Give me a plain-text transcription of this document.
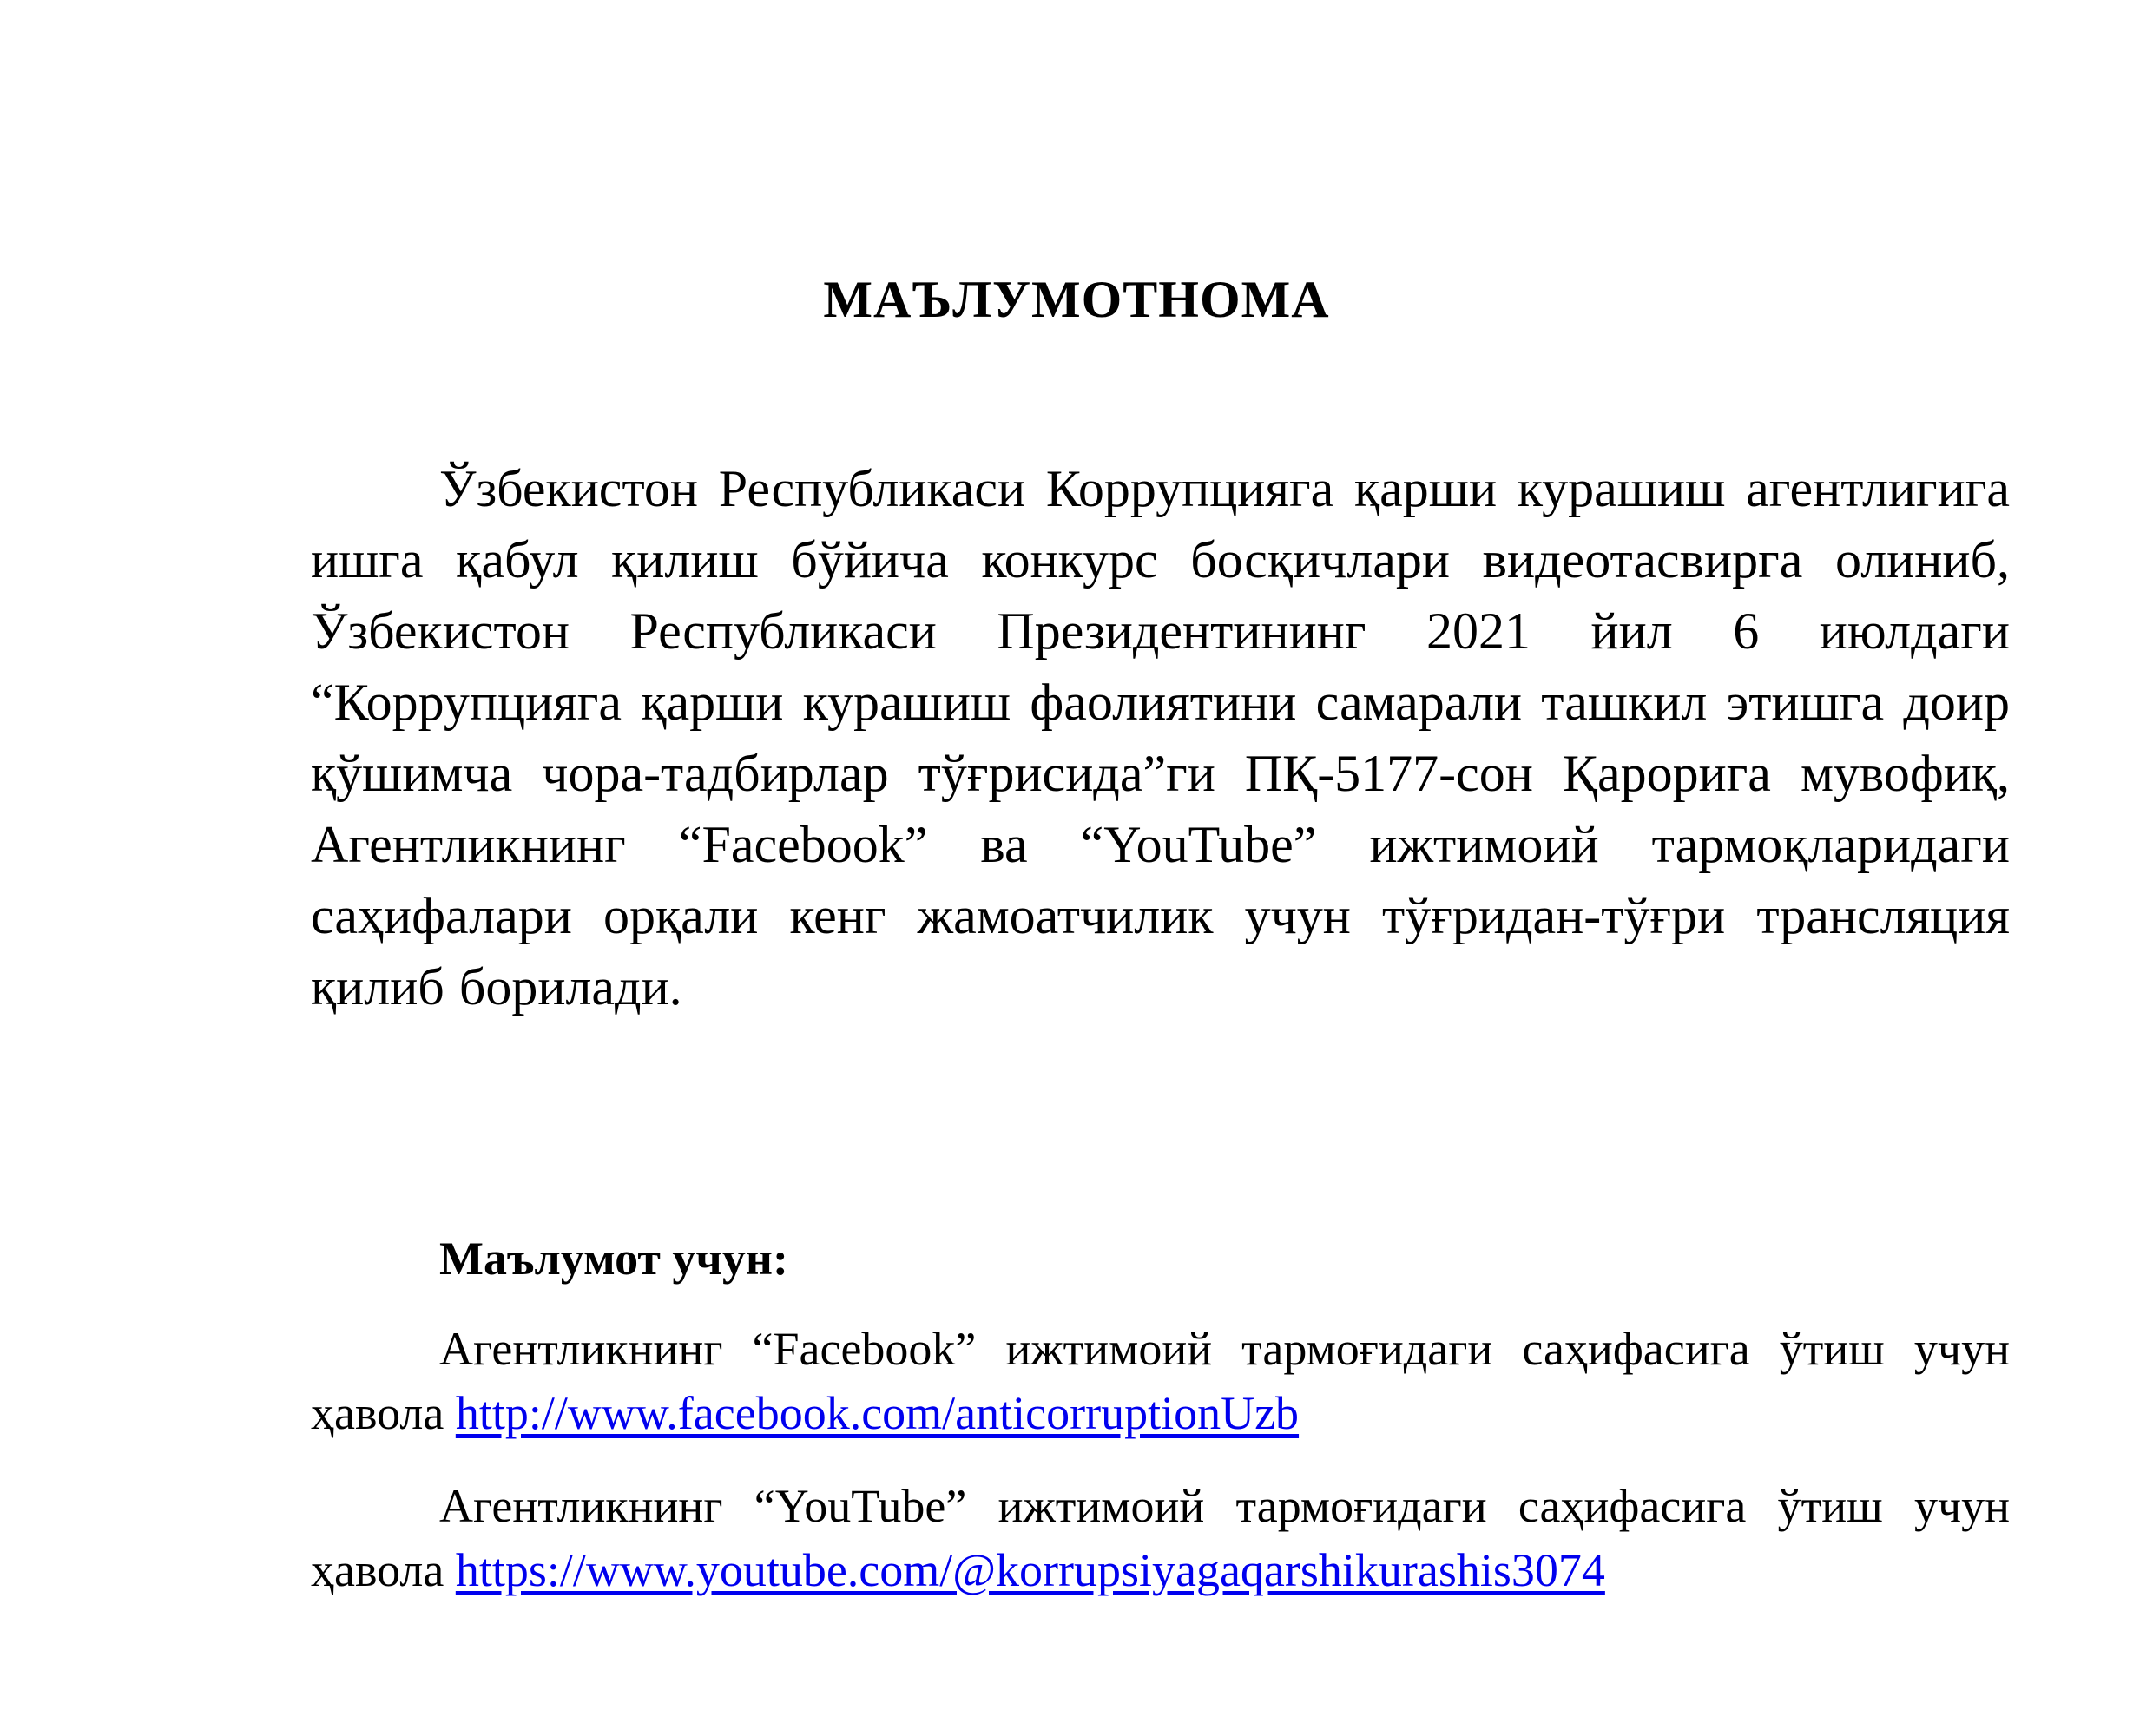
МАЪЛУМОТНОМА

Ўзбекистон Республикаси Коррупцияга қарши курашиш агентлигига ишга қабул қилиш бўйича конкурс босқичлари видеотасвирга олиниб, Ўзбекистон Республикаси Президентининг 2021 йил 6 июлдаги “Коррупцияга қарши курашиш фаолиятини самарали ташкил этишга доир қўшимча чора-тадбирлар тўғрисида”ги ПҚ-5177-сон Қарорига мувофиқ, Агентликнинг “Facebook” ва “YouTube” ижтимоий тармоқларидаги саҳифалари орқали кенг жамоатчилик учун тўғридан-тўғри трансляция қилиб борилади.

Маълумот учун:

Агентликнинг “Facebook” ижтимоий тармоғидаги саҳифасига ўтиш учун ҳавола http://www.facebook.com/anticorruptionUzb

Агентликнинг “YouTube” ижтимоий тармоғидаги саҳифасига ўтиш учун ҳавола https://www.youtube.com/@korrupsiyagaqarshikurashis3074
